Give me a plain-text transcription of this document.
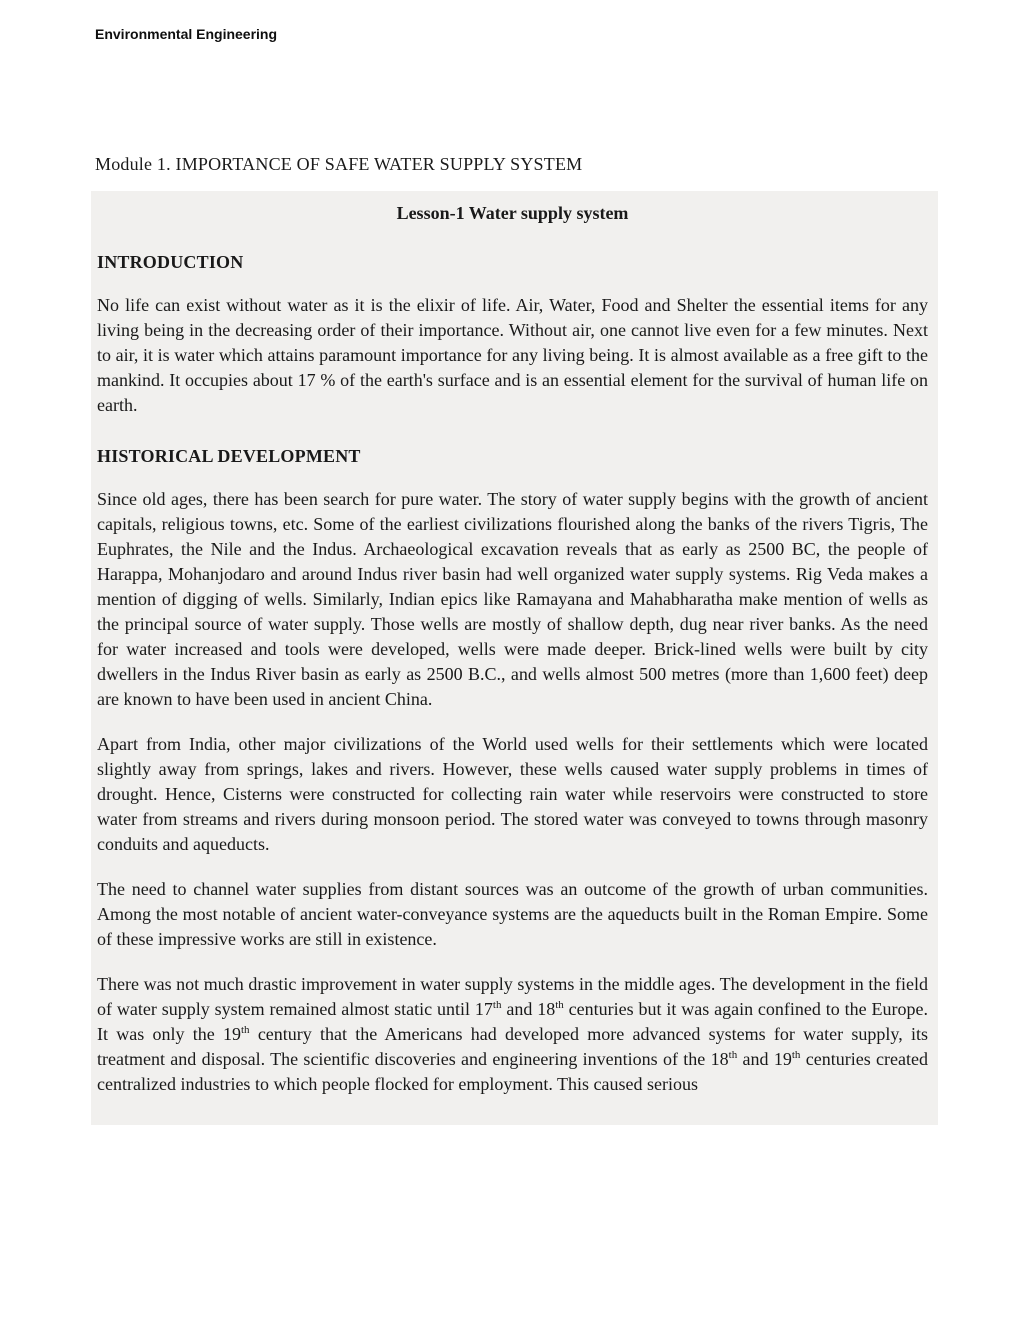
Environmental Engineering
Module 1. IMPORTANCE OF SAFE WATER SUPPLY SYSTEM
Lesson-1 Water supply system
INTRODUCTION

No life can exist without water as it is the elixir of life. Air, Water, Food and Shelter the essential items for any living being in the decreasing order of their importance. Without air, one cannot live even for a few minutes. Next to air, it is water which attains paramount importance for any living being. It is almost available as a free gift to the mankind. It occupies about 17 % of the earth's surface and is an essential element for the survival of human life on earth.

HISTORICAL DEVELOPMENT

Since old ages, there has been search for pure water. The story of water supply begins with the growth of ancient capitals, religious towns, etc. Some of the earliest civilizations flourished along the banks of the rivers Tigris, The Euphrates, the Nile and the Indus. Archaeological excavation reveals that as early as 2500 BC, the people of Harappa, Mohanjodaro and around Indus river basin had well organized water supply systems. Rig Veda makes a mention of digging of wells. Similarly, Indian epics like Ramayana and Mahabharatha make mention of wells as the principal source of water supply. Those wells are mostly of shallow depth, dug near river banks. As the need for water increased and tools were developed, wells were made deeper. Brick-lined wells were built by city dwellers in the Indus River basin as early as 2500 B.C., and wells almost 500 metres (more than 1,600 feet) deep are known to have been used in ancient China.

Apart from India, other major civilizations of the World used wells for their settlements which were located slightly away from springs, lakes and rivers. However, these wells caused water supply problems in times of drought. Hence, Cisterns were constructed for collecting rain water while reservoirs were constructed to store water from streams and rivers during monsoon period. The stored water was conveyed to towns through masonry conduits and aqueducts.

The need to channel water supplies from distant sources was an outcome of the growth of urban communities. Among the most notable of ancient water-conveyance systems are the aqueducts built in the Roman Empire. Some of these impressive works are still in existence.

There was not much drastic improvement in water supply systems in the middle ages. The development in the field of water supply system remained almost static until 17th and 18th centuries but it was again confined to the Europe. It was only the 19th century that the Americans had developed more advanced systems for water supply, its treatment and disposal. The scientific discoveries and engineering inventions of the 18th and 19th centuries created centralized industries to which people flocked for employment. This caused serious
